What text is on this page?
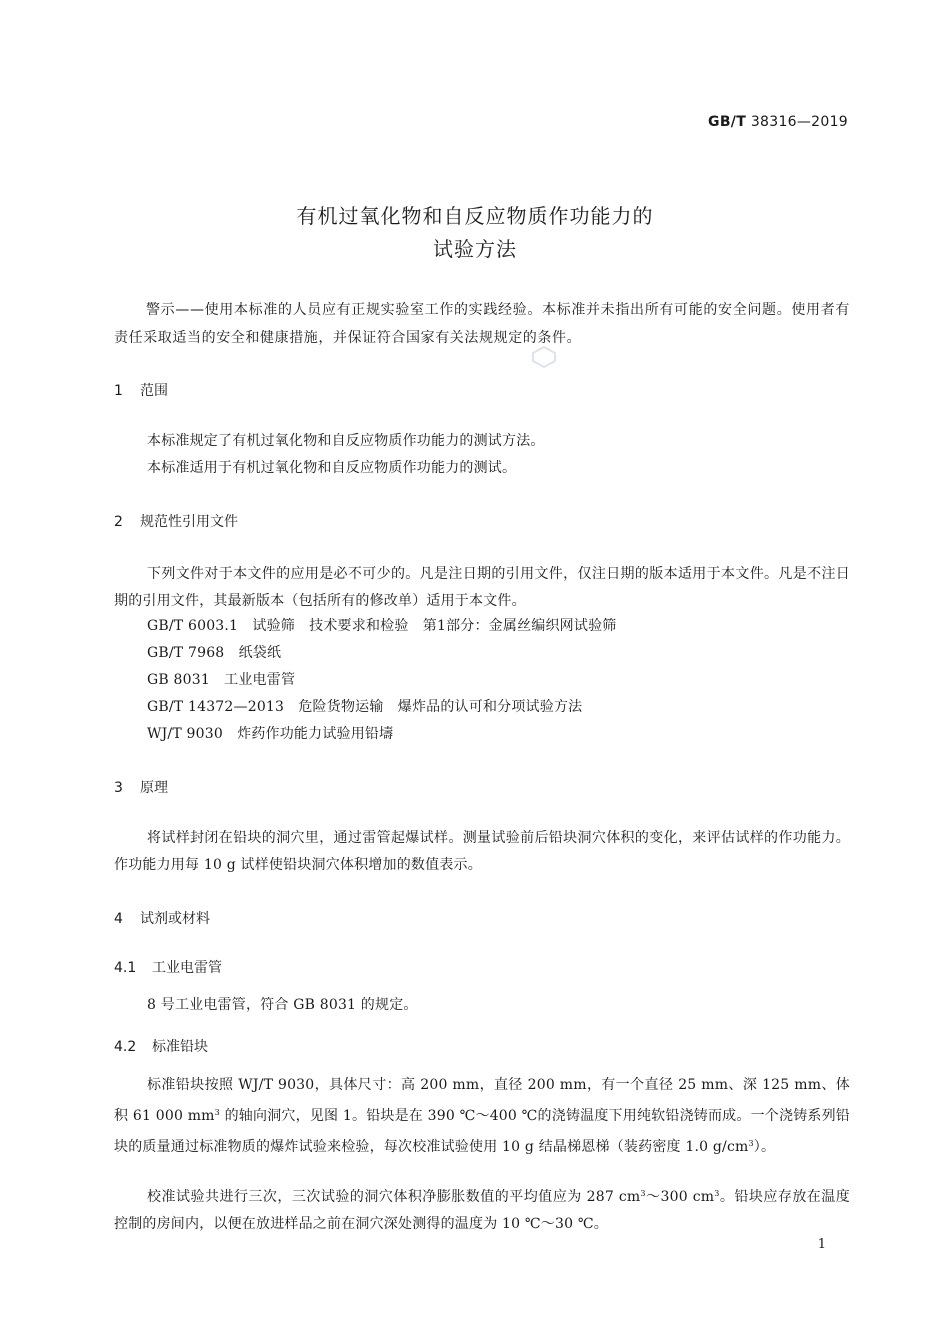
GB/T 38316—2019
有机过氧化物和自反应物质作功能力的
试验方法
警示——使用本标准的人员应有正规实验室工作的实践经验。本标准并未指出所有可能的安全问题。使用者有责任采取适当的安全和健康措施，并保证符合国家有关法规规定的条件。
1 范围
本标准规定了有机过氧化物和自反应物质作功能力的测试方法。
本标准适用于有机过氧化物和自反应物质作功能力的测试。
2 规范性引用文件
下列文件对于本文件的应用是必不可少的。凡是注日期的引用文件，仅注日期的版本适用于本文件。凡是不注日期的引用文件，其最新版本（包括所有的修改单）适用于本文件。
GB/T 6003.1　试验筛　技术要求和检验　第1部分：金属丝编织网试验筛
GB/T 7968　纸袋纸
GB 8031　工业电雷管
GB/T 14372—2013　危险货物运输　爆炸品的认可和分项试验方法
WJ/T 9030　炸药作功能力试验用铅壔
3 原理
将试样封闭在铅块的洞穴里，通过雷管起爆试样。测量试验前后铅块洞穴体积的变化，来评估试样的作功能力。作功能力用每 10 g 试样使铅块洞穴体积增加的数值表示。
4 试剂或材料
4.1 工业电雷管
8 号工业电雷管，符合 GB 8031 的规定。
4.2 标准铅块
标准铅块按照 WJ/T 9030，具体尺寸：高 200 mm，直径 200 mm，有一个直径 25 mm、深 125 mm、体积 61 000 $mm^3$ 的轴向洞穴，见图 1。铅块是在 390 ℃～400 ℃的浇铸温度下用纯软铅浇铸而成。一个浇铸系列铅块的质量通过标准物质的爆炸试验来检验，每次校准试验使用 10 g 结晶梯恩梯（装药密度 1.0 $g/cm^3$）。
校准试验共进行三次，三次试验的洞穴体积净膨胀数值的平均值应为 287 $cm^3\sim 300$ $cm^3$。铅块应存放在温度控制的房间内，以便在放进样品之前在洞穴深处测得的温度为 10 ℃～30 ℃。
1
